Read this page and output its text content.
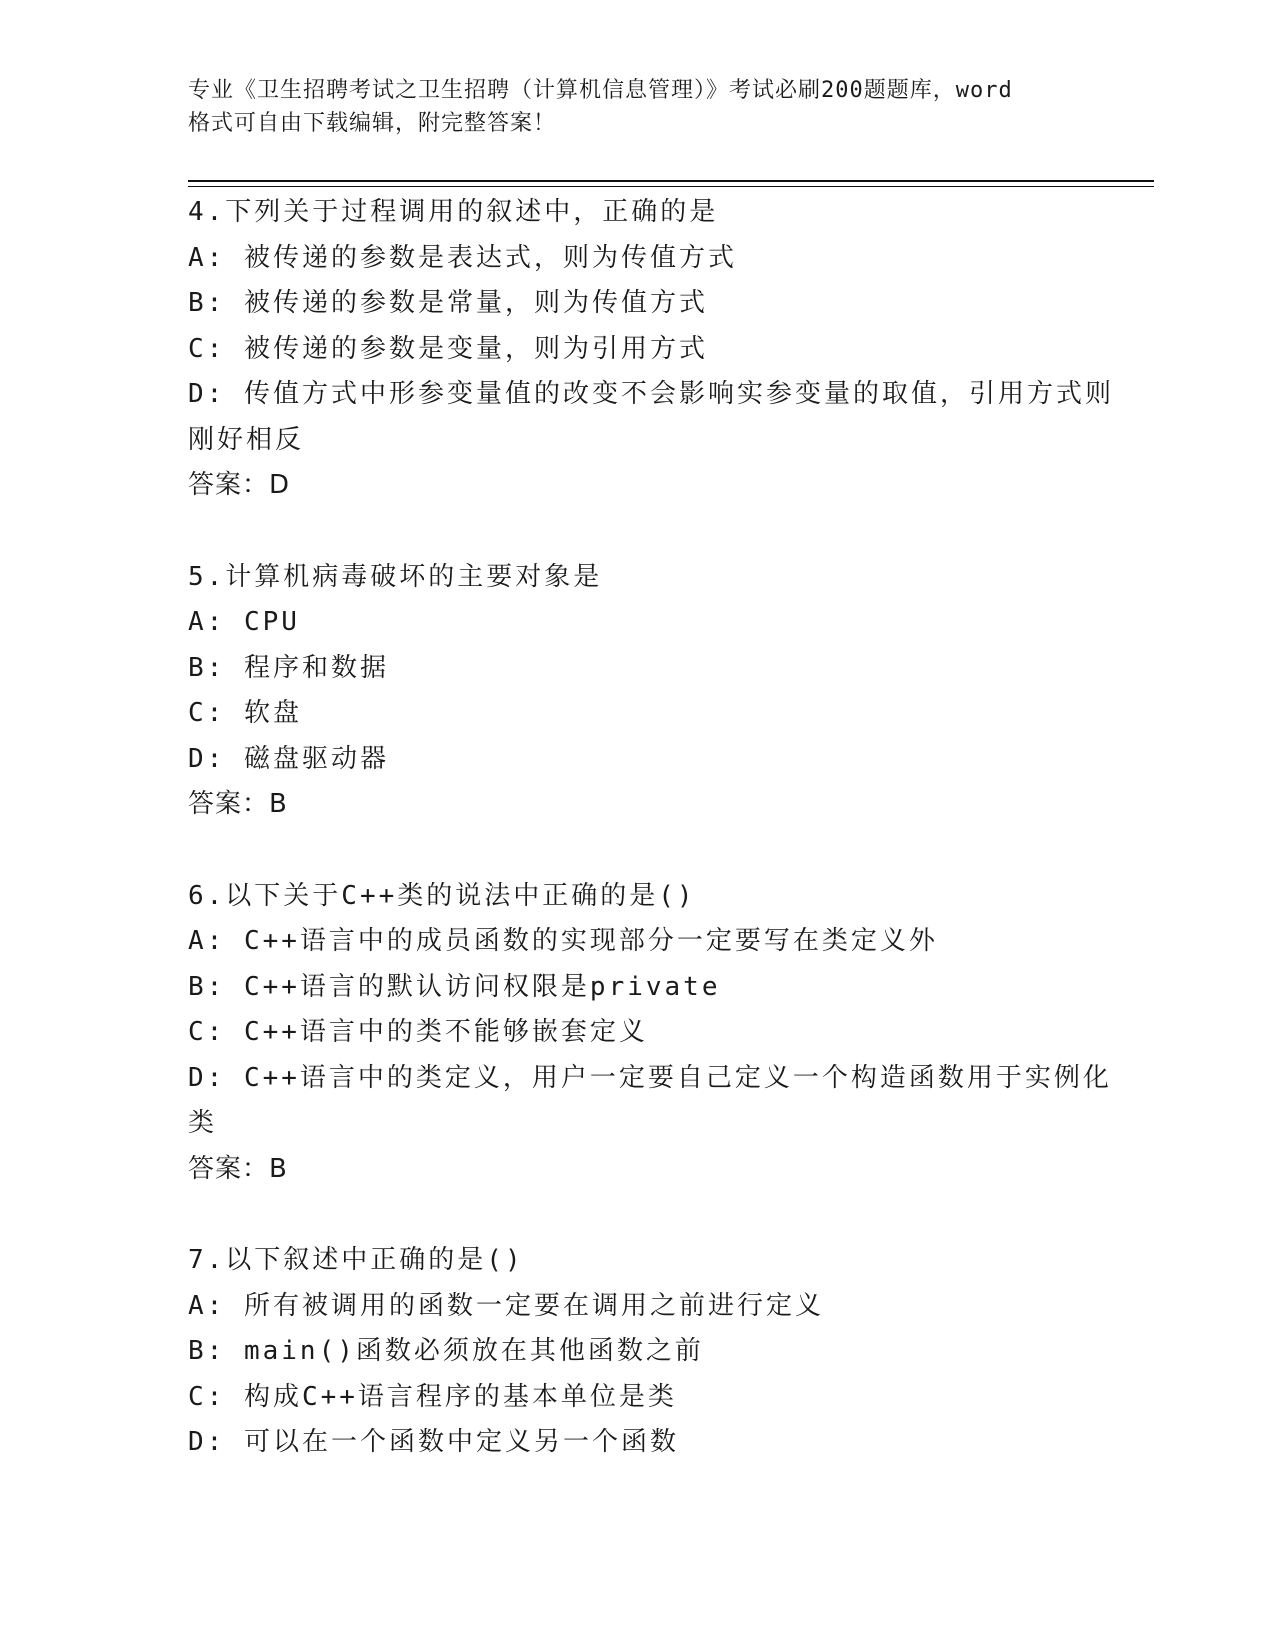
专业《卫生招聘考试之卫生招聘（计算机信息管理）》考试必刷200题题库，word
格式可自由下载编辑，附完整答案！
4.下列关于过程调用的叙述中，正确的是
A: 被传递的参数是表达式，则为传值方式
B: 被传递的参数是常量，则为传值方式
C: 被传递的参数是变量，则为引用方式
D: 传值方式中形参变量值的改变不会影响实参变量的取值，引用方式则刚好相反
答案：D
5.计算机病毒破坏的主要对象是
A: CPU
B: 程序和数据
C: 软盘
D: 磁盘驱动器
答案：B
6.以下关于C++类的说法中正确的是()
A: C++语言中的成员函数的实现部分一定要写在类定义外
B: C++语言的默认访问权限是private
C: C++语言中的类不能够嵌套定义
D: C++语言中的类定义，用户一定要自己定义一个构造函数用于实例化类
答案：B
7.以下叙述中正确的是()
A: 所有被调用的函数一定要在调用之前进行定义
B: main()函数必须放在其他函数之前
C: 构成C++语言程序的基本单位是类
D: 可以在一个函数中定义另一个函数
